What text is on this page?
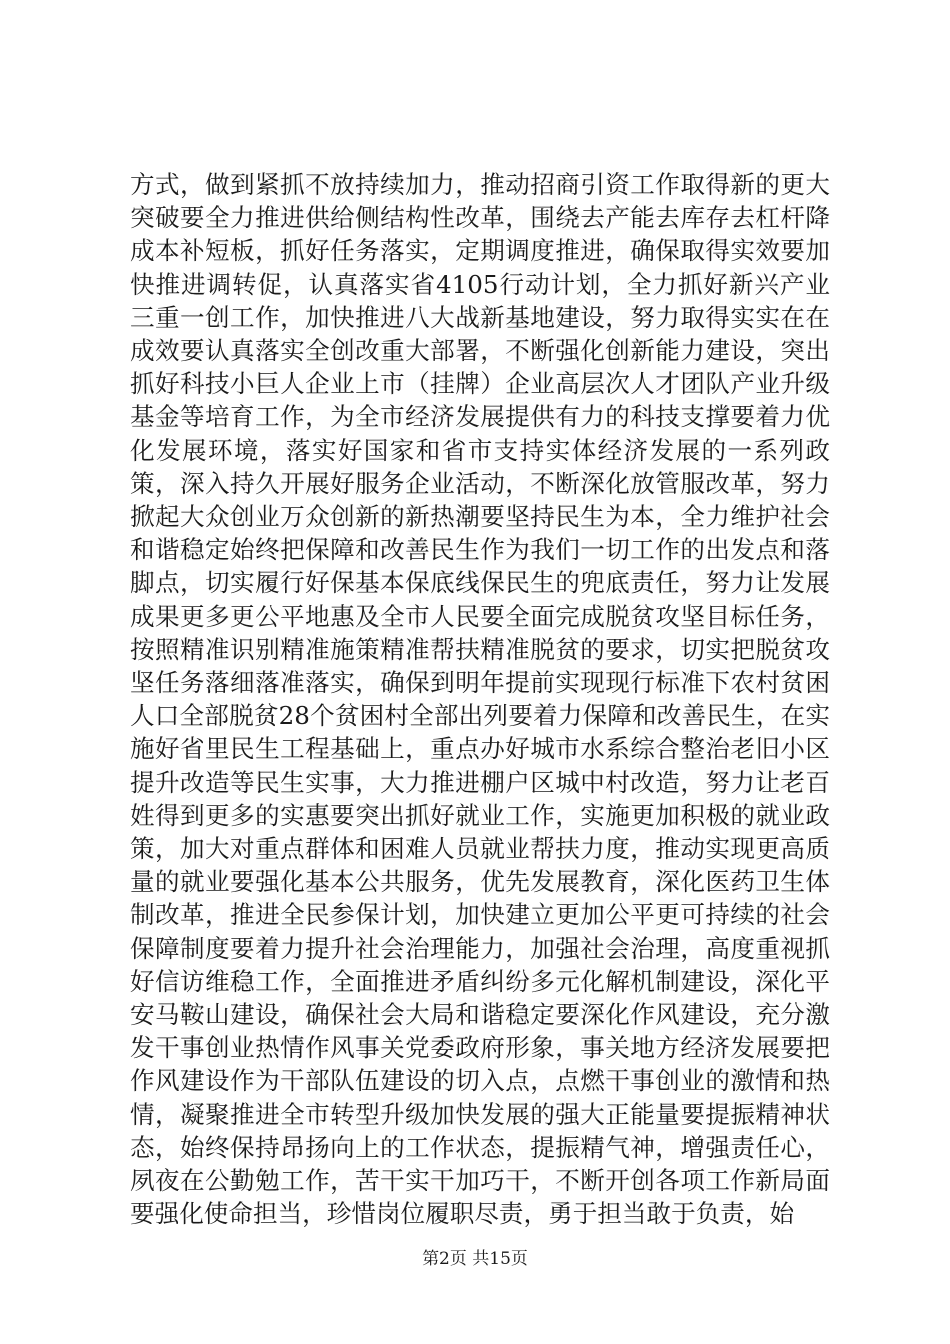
方式，做到紧抓不放持续加力，推动招商引资工作取得新的更大突破要全力推进供给侧结构性改革，围绕去产能去库存去杠杆降成本补短板，抓好任务落实，定期调度推进，确保取得实效要加快推进调转促，认真落实省4105行动计划，全力抓好新兴产业三重一创工作，加快推进八大战新基地建设，努力取得实实在在成效要认真落实全创改重大部署，不断强化创新能力建设，突出抓好科技小巨人企业上市（挂牌）企业高层次人才团队产业升级基金等培育工作，为全市经济发展提供有力的科技支撑要着力优化发展环境，落实好国家和省市支持实体经济发展的一系列政策，深入持久开展好服务企业活动，不断深化放管服改革，努力掀起大众创业万众创新的新热潮要坚持民生为本，全力维护社会和谐稳定始终把保障和改善民生作为我们一切工作的出发点和落脚点，切实履行好保基本保底线保民生的兜底责任，努力让发展成果更多更公平地惠及全市人民要全面完成脱贫攻坚目标任务，按照精准识别精准施策精准帮扶精准脱贫的要求，切实把脱贫攻坚任务落细落准落实，确保到明年提前实现现行标准下农村贫困人口全部脱贫28个贫困村全部出列要着力保障和改善民生，在实施好省里民生工程基础上，重点办好城市水系综合整治老旧小区提升改造等民生实事，大力推进棚户区城中村改造，努力让老百姓得到更多的实惠要突出抓好就业工作，实施更加积极的就业政策，加大对重点群体和困难人员就业帮扶力度，推动实现更高质量的就业要强化基本公共服务，优先发展教育，深化医药卫生体制改革，推进全民参保计划，加快建立更加公平更可持续的社会保障制度要着力提升社会治理能力，加强社会治理，高度重视抓好信访维稳工作，全面推进矛盾纠纷多元化解机制建设，深化平安马鞍山建设，确保社会大局和谐稳定要深化作风建设，充分激发干事创业热情作风事关党委政府形象，事关地方经济发展要把作风建设作为干部队伍建设的切入点，点燃干事创业的激情和热情，凝聚推进全市转型升级加快发展的强大正能量要提振精神状态，始终保持昂扬向上的工作状态，提振精气神，增强责任心，夙夜在公勤勉工作，苦干实干加巧干，不断开创各项工作新局面要强化使命担当，珍惜岗位履职尽责，勇于担当敢于负责，始

第2页 共15页
